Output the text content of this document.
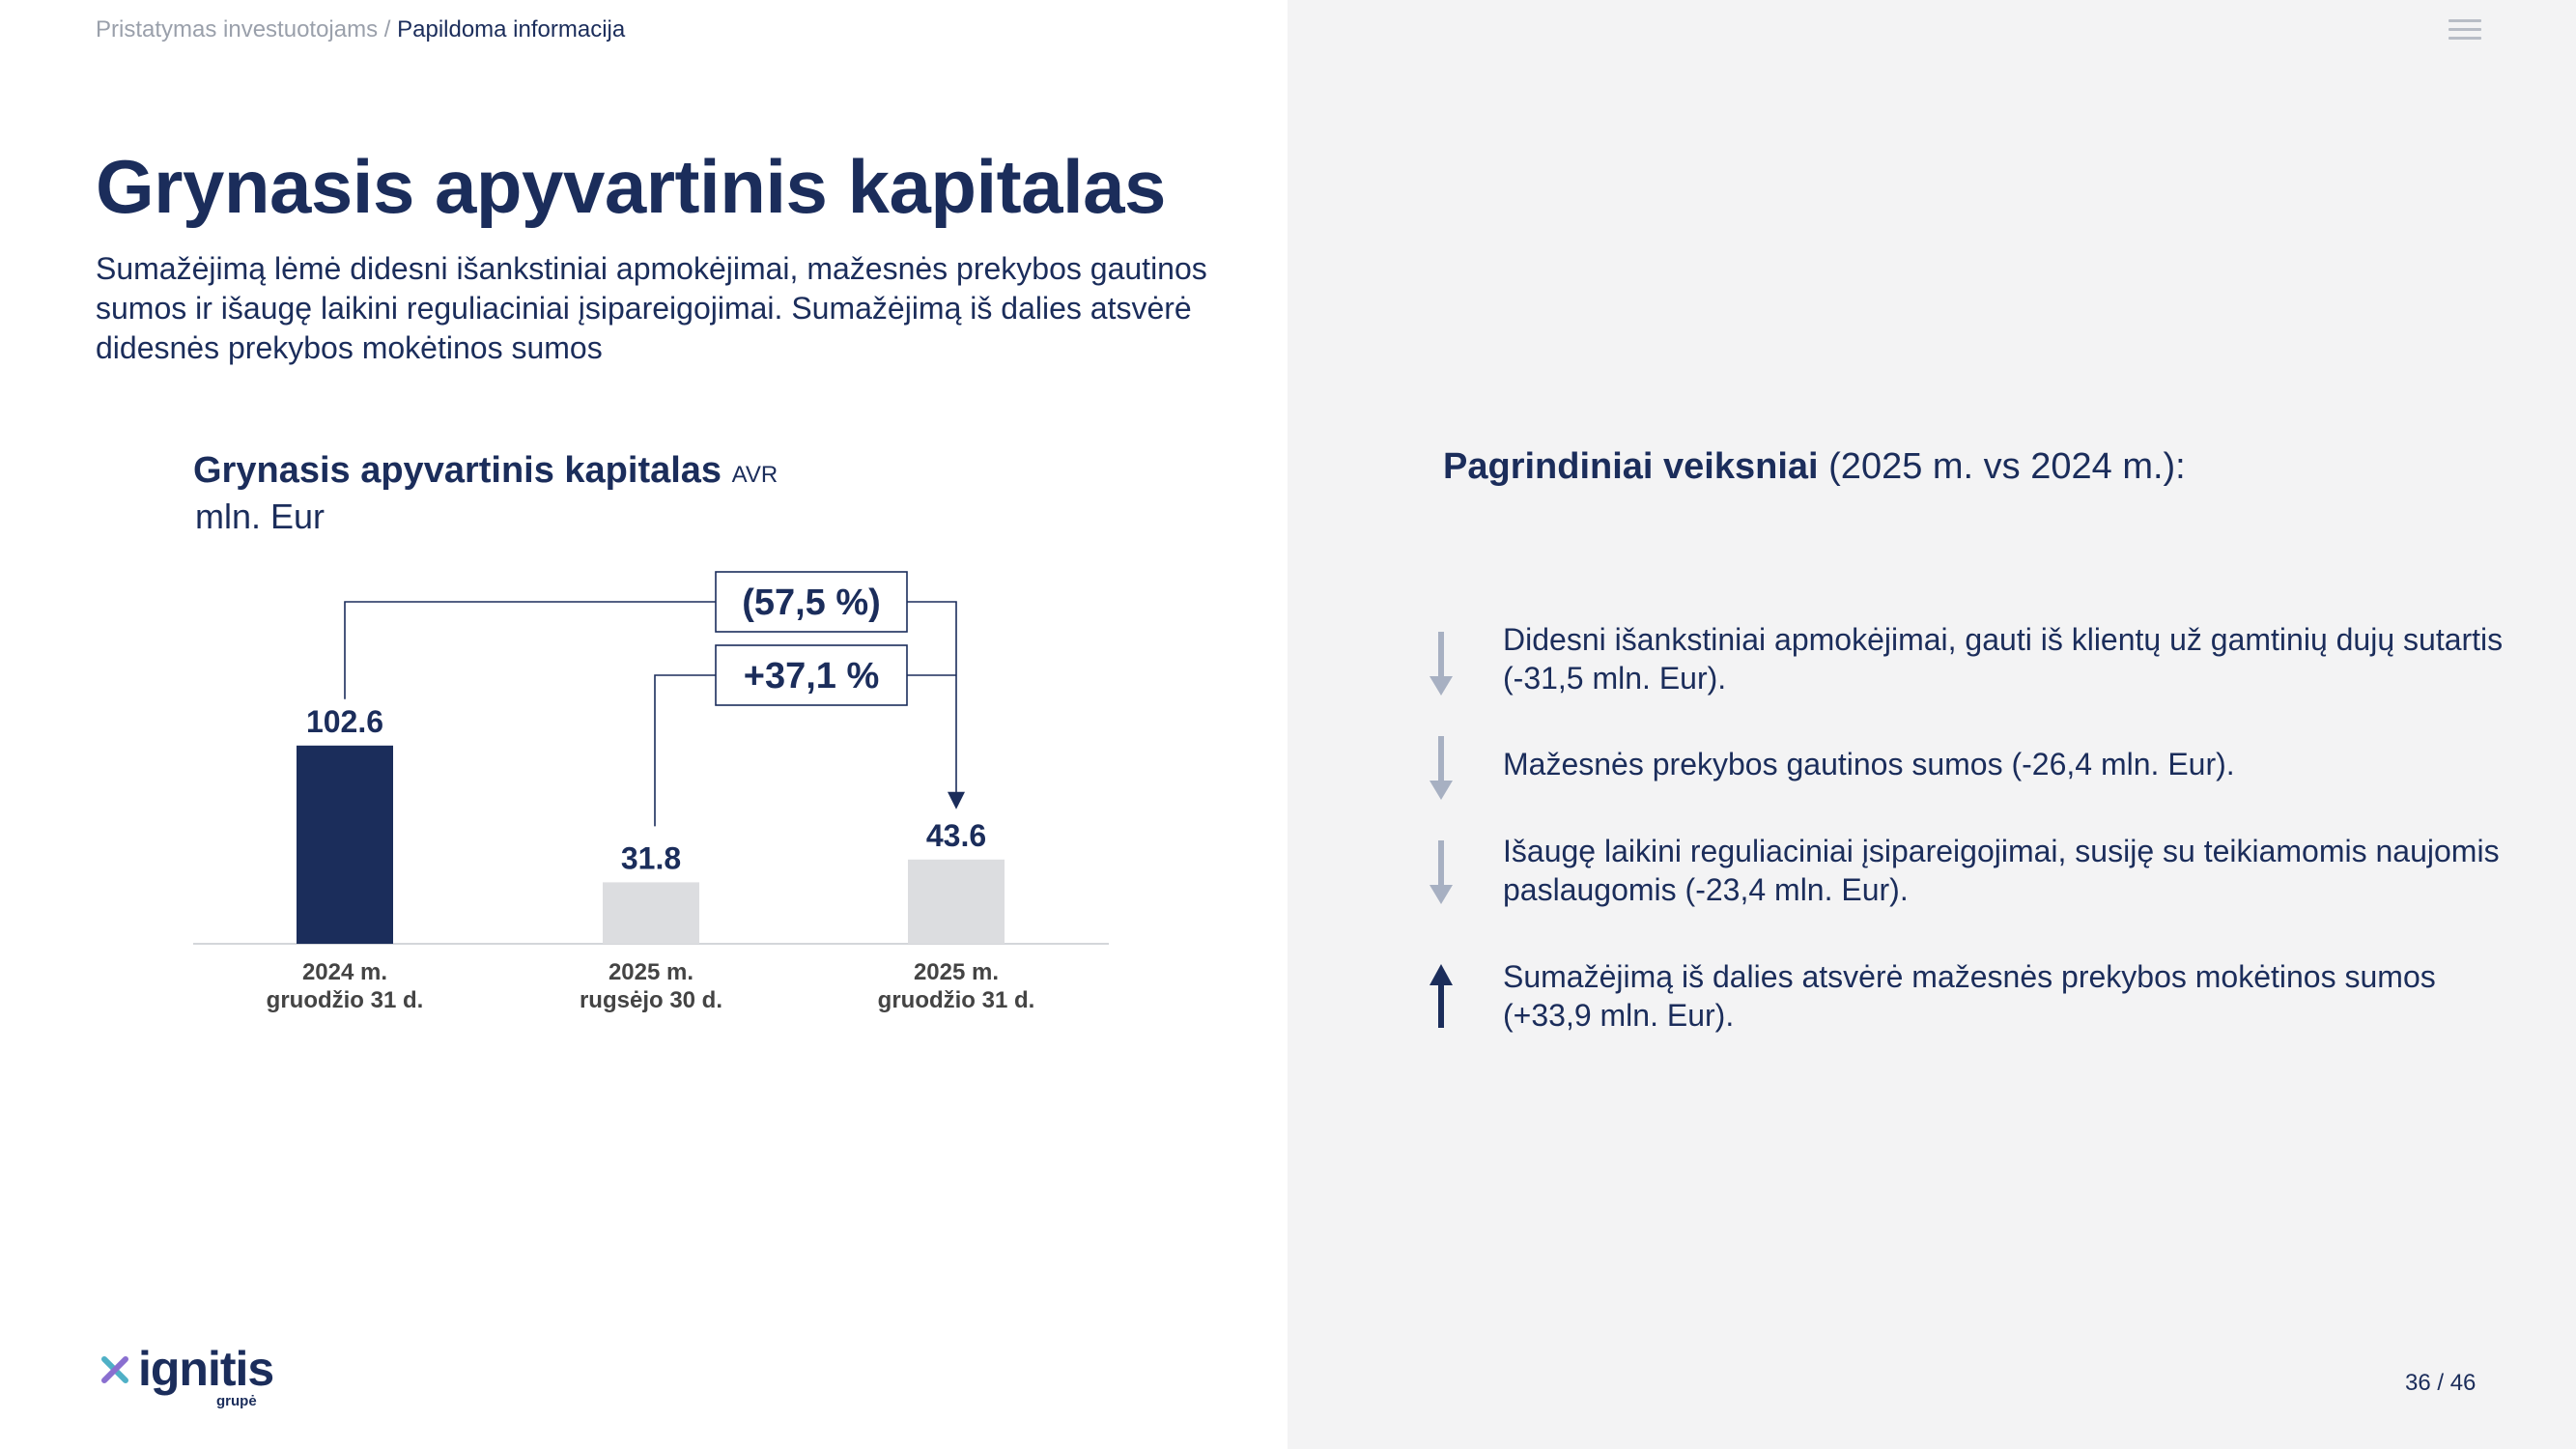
Pristatymas investuotojams / Papildoma informacija
Grynasis apyvartinis kapitalas
Sumažėjimą lėmė didesni išankstiniai apmokėjimai, mažesnės prekybos gautinos sumos ir išaugę laikini reguliaciniai įsipareigojimai. Sumažėjimą iš dalies atsvėrė didesnės prekybos mokėtinos sumos
Grynasis apyvartinis kapitalas AVR
mln. Eur
102.6
31.8
43.6
(57,5 %)
+37,1 %
2024 m.
gruodžio 31 d.
2025 m.
rugsėjo 30 d.
2025 m.
gruodžio 31 d.
Pagrindiniai veiksniai (2025 m. vs 2024 m.):
Didesni išankstiniai apmokėjimai, gauti iš klientų už gamtinių dujų sutartis (-31,5 mln. Eur).
Mažesnės prekybos gautinos sumos (-26,4 mln. Eur).
Išaugę laikini reguliaciniai įsipareigojimai, susiję su teikiamomis naujomis paslaugomis (-23,4 mln. Eur).
Sumažėjimą iš dalies atsvėrė mažesnės prekybos mokėtinos sumos (+33,9 mln. Eur).
ignitis
grupė
36 / 46
